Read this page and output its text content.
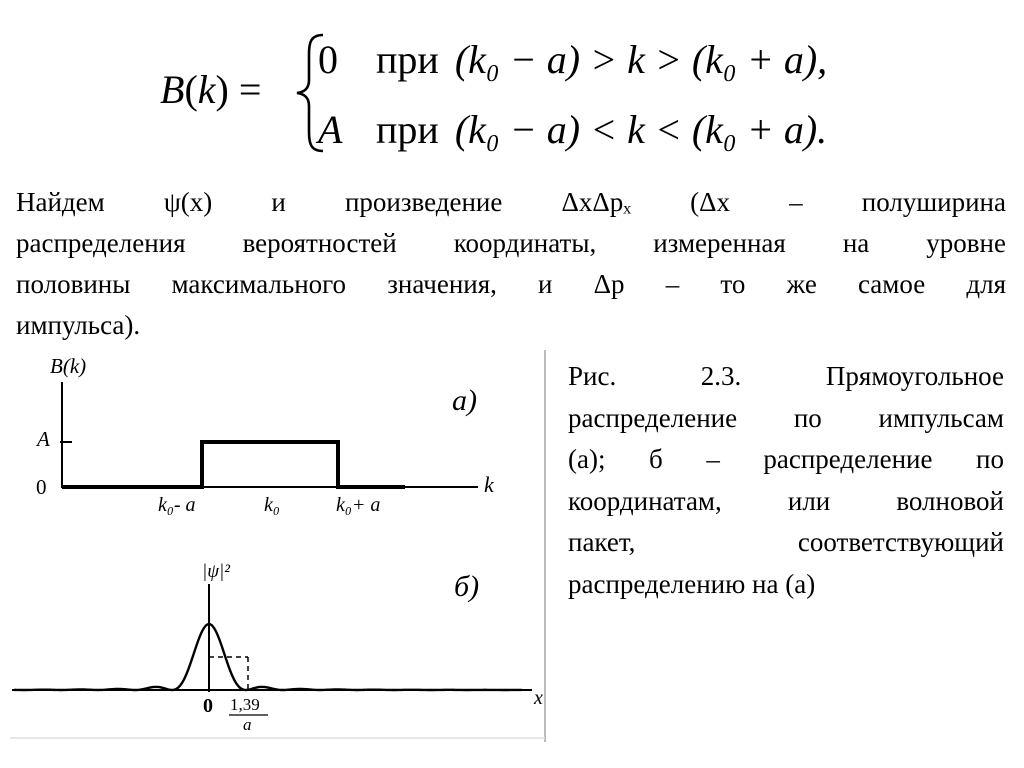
B(k) =
0 при (k₀ − a) > k > (k₀ + a),
A при (k₀ − a) < k < (k₀ + a).
Найдем ψ(x) и произведение ΔxΔpₓ (Δx – полуширина
распределения вероятностей координаты, измеренная на уровне
половины максимального значения, и Δp – то же самое для
импульса).
B(k)
k
а)
A
0
k₀- a	k₀	k₀+ a
|ψ|²
x
б)
0 1,39
a
Рис. 2.3. Прямоугольное
распределение по импульсам
(а); б – распределение по
координатам, или волновой
пакет, соответствующий
распределению на (а)
